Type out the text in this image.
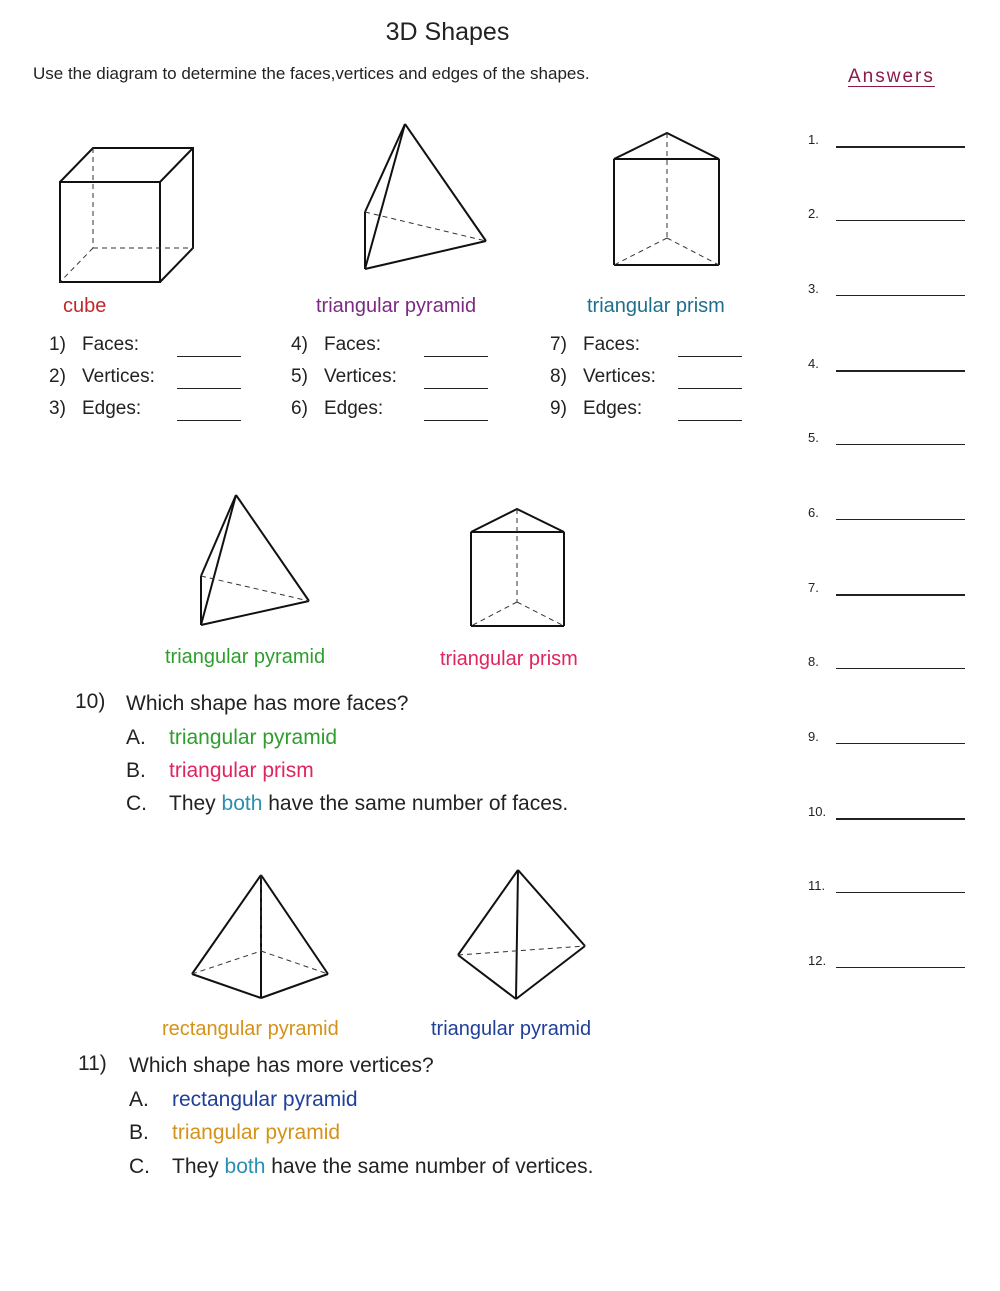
3D Shapes
Use the diagram to determine the faces,vertices and edges of the shapes.	Answers
1.
2.
3.
4.
5.
6.
7.
8.
9.
10.
11.
12.
cube	triangular pyramid	triangular prism
1) Faces:
2) Vertices:
3) Edges:
4) Faces:
5) Vertices:
6) Edges:
7) Faces:
8) Vertices:
9) Edges:
triangular pyramid	triangular prism
10) Which shape has more faces?
A. triangular pyramid
B. triangular prism
C. They both have the same number of faces.
rectangular pyramid	triangular pyramid
11) Which shape has more vertices?
A. rectangular pyramid
B. triangular pyramid
C. They both have the same number of vertices.
